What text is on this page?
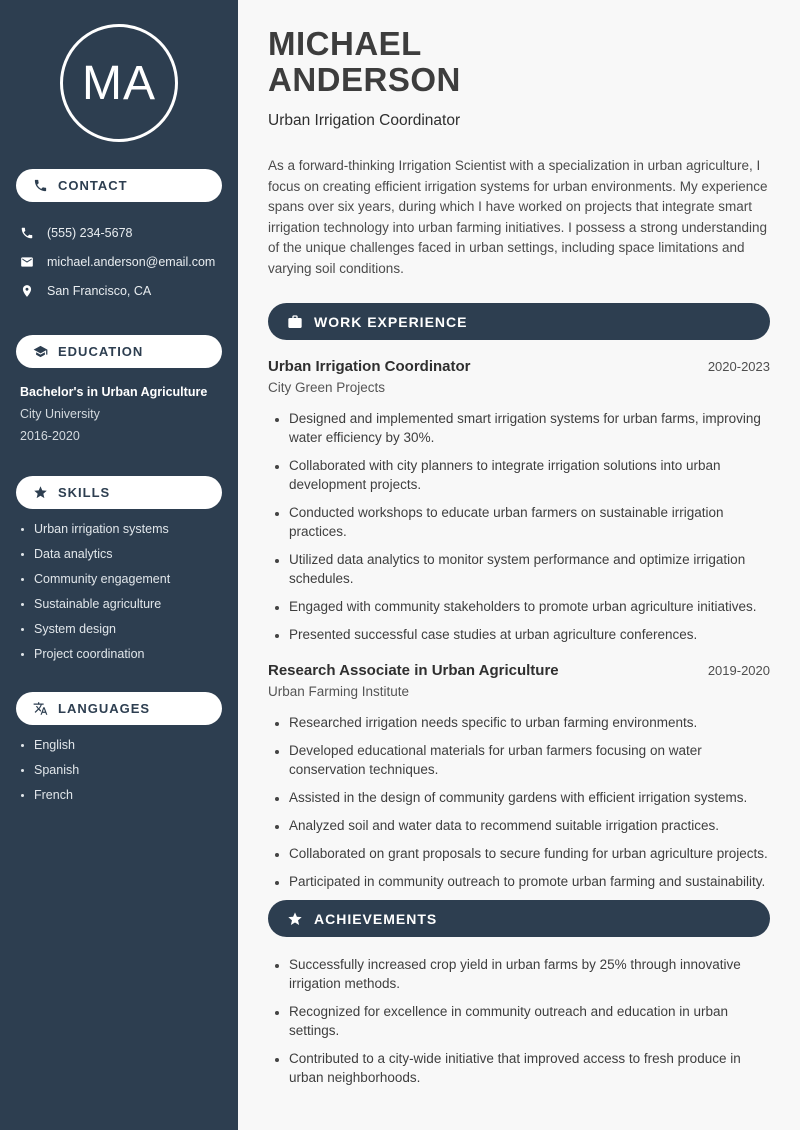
MA
CONTACT
(555) 234-5678
michael.anderson@email.com
San Francisco, CA
EDUCATION
Bachelor's in Urban Agriculture
City University
2016-2020
SKILLS
• Urban irrigation systems
• Data analytics
• Community engagement
• Sustainable agriculture
• System design
• Project coordination
LANGUAGES
• English
• Spanish
• French
MICHAEL
ANDERSON
Urban Irrigation Coordinator

As a forward-thinking Irrigation Scientist with a specialization in urban agriculture, I focus on creating efficient irrigation systems for urban environments. My experience spans over six years, during which I have worked on projects that integrate smart irrigation technology into urban farming initiatives. I possess a strong understanding of the unique challenges faced in urban settings, including space limitations and varying soil conditions.

WORK EXPERIENCE
Urban Irrigation Coordinator	2020-2023
City Green Projects
• Designed and implemented smart irrigation systems for urban farms, improving water efficiency by 30%.
• Collaborated with city planners to integrate irrigation solutions into urban development projects.
• Conducted workshops to educate urban farmers on sustainable irrigation practices.
• Utilized data analytics to monitor system performance and optimize irrigation schedules.
• Engaged with community stakeholders to promote urban agriculture initiatives.
• Presented successful case studies at urban agriculture conferences.
Research Associate in Urban Agriculture	2019-2020
Urban Farming Institute
• Researched irrigation needs specific to urban farming environments.
• Developed educational materials for urban farmers focusing on water conservation techniques.
• Assisted in the design of community gardens with efficient irrigation systems.
• Analyzed soil and water data to recommend suitable irrigation practices.
• Collaborated on grant proposals to secure funding for urban agriculture projects.
• Participated in community outreach to promote urban farming and sustainability.
ACHIEVEMENTS
• Successfully increased crop yield in urban farms by 25% through innovative irrigation methods.
• Recognized for excellence in community outreach and education in urban settings.
• Contributed to a city-wide initiative that improved access to fresh produce in urban neighborhoods.
